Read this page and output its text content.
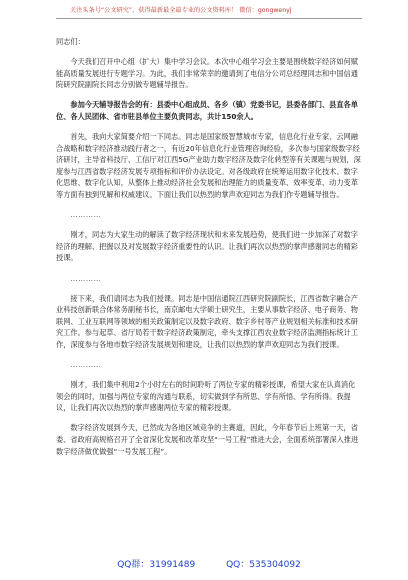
关注头条号“公文研究”，获得最新最全最专业的公文资料库！ 微信：gongwenyj

同志们：

今天我们召开中心组（扩大）集中学习会议。本次中心组学习会主要是围绕数字经济如何赋能高质量发展进行专题学习。为此，我们非常荣幸的邀请到了电信分公司总经理同志和中国信通院研究院副院长同志分别做专题辅导报告。

参加今天辅导报告会的有：县委中心组成员、各乡（镇）党委书记，县委各部门、县直各单位、各人民团体、省市驻县单位主要负责同志，共计150余人。

首先，我向大家简要介绍一下同志。同志是国家级智慧城市专家，信息化行业专家、云网融合战略和数字经济推动践行者之一，有近20年信息化行业管理咨询经验，多次参与国家级数字经济研讨，主导省科技厅、工信厅对江西5G产业助力数字经济及数字化转型等有关课题与规划，深度参与江西省数字经济发展专项指标和评价办法设定。对各级政府在统筹运用数字化技术、数字化思维、数字化认知，从整体上推动经济社会发展和治理能力的质量变革、效率变革、动力变革等方面有独到见解和权威建议。下面让我们以热烈的掌声欢迎同志为我们作专题辅导报告。

…………

刚才，同志为大家生动的解读了数字经济现状和未来发展趋势，使我们进一步加深了对数字经济的理解、把握以及对发展数字经济重要性的认识。让我们再次以热烈的掌声感谢同志的精彩授课。

…………

接下来，我们请同志为我们授课。同志是中国信通院江西研究院副院长，江西省数字融合产业科技创新联合体常务副秘书长，南京邮电大学硕士研究生，主要从事数字经济、电子商务、物联网、工业互联网等领域的相关政策制定以及数字政府、数字乡村等产业规划相关标准和技术研究工作。参与起草、省厅局若干数字经济政策制定，牵头支撑江西农业数字经济监测指标统计工作，深度参与各地市数字经济发展规划和建设，让我们以热烈的掌声欢迎同志为我们授课。

…………

刚才，我们集中利用2个小时左右的时间聆听了两位专家的精彩授课，希望大家在认真消化领会的同时，加强与两位专家的沟通与联系，切实做到学有所思、学有所悟、学有所得。我提议，让我们再次以热烈的掌声感谢两位专家的精彩授课。

数字经济发展到今天，已然成为各地区域竞争的主赛道，因此，今年春节后上班第一天，省委、省政府高规格召开了全省深化发展和改革攻坚“一号工程”推进大会，全面系统部署深入推进数字经济做优做强“一号发展工程”。

QQ群：31991489	QQ：535304092
